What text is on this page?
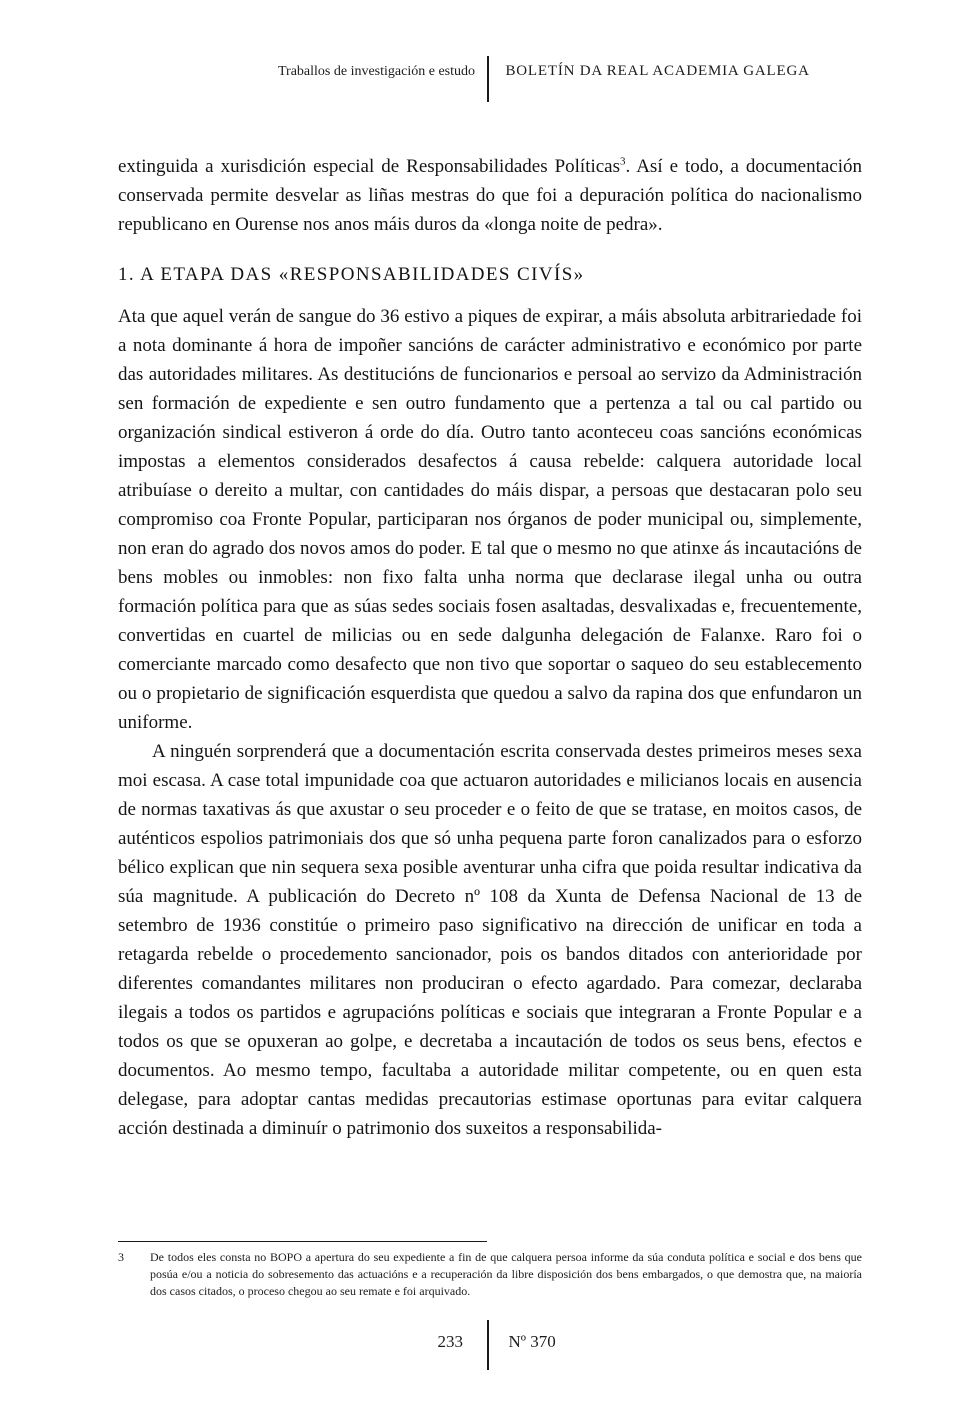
Traballos de investigación e estudo	BOLETÍN DA REAL ACADEMIA GALEGA

extinguida a xurisdición especial de Responsabilidades Políticas$^3$. Así e todo, a documentación conservada permite desvelar as liñas mestras do que foi a depuración política do nacionalismo republicano en Ourense nos anos máis duros da «longa noite de pedra».

1. A ETAPA DAS «RESPONSABILIDADES CIVÍS»

Ata que aquel verán de sangue do 36 estivo a piques de expirar, a máis absoluta arbitrariedade foi a nota dominante á hora de impoñer sancións de carácter administrativo e económico por parte das autoridades militares. As destitucións de funcionarios e persoal ao servizo da Administración sen formación de expediente e sen outro fundamento que a pertenza a tal ou cal partido ou organización sindical estiveron á orde do día. Outro tanto aconteceu coas sancións económicas impostas a elementos considerados desafectos á causa rebelde: calquera autoridade local atribuíase o dereito a multar, con cantidades do máis dispar, a persoas que destacaran polo seu compromiso coa Fronte Popular, participaran nos órganos de poder municipal ou, simplemente, non eran do agrado dos novos amos do poder. E tal que o mesmo no que atinxe ás incautacións de bens mobles ou inmobles: non fixo falta unha norma que declarase ilegal unha ou outra formación política para que as súas sedes sociais fosen asaltadas, desvalixadas e, frecuentemente, convertidas en cuartel de milicias ou en sede dalgunha delegación de Falanxe. Raro foi o comerciante marcado como desafecto que non tivo que soportar o saqueo do seu establecemento ou o propietario de significación esquerdista que quedou a salvo da rapina dos que enfundaron un uniforme.

A ninguén sorprenderá que a documentación escrita conservada destes primeiros meses sexa moi escasa. A case total impunidade coa que actuaron autoridades e milicianos locais en ausencia de normas taxativas ás que axustar o seu proceder e o feito de que se tratase, en moitos casos, de auténticos espolios patrimoniais dos que só unha pequena parte foron canalizados para o esforzo bélico explican que nin sequera sexa posible aventurar unha cifra que poida resultar indicativa da súa magnitude. A publicación do Decreto nº 108 da Xunta de Defensa Nacional de 13 de setembro de 1936 constitúe o primeiro paso significativo na dirección de unificar en toda a retagarda rebelde o procedemento sancionador, pois os bandos ditados con anterioridade por diferentes comandantes militares non produciran o efecto agardado. Para comezar, declaraba ilegais a todos os partidos e agrupacións políticas e sociais que integraran a Fronte Popular e a todos os que se opuxeran ao golpe, e decretaba a incautación de todos os seus bens, efectos e documentos. Ao mesmo tempo, facultaba a autoridade militar competente, ou en quen esta delegase, para adoptar cantas medidas precautorias estimase oportunas para evitar calquera acción destinada a diminuír o patrimonio dos suxeitos a responsabilida-

3	De todos eles consta no BOPO a apertura do seu expediente a fin de que calquera persoa informe da súa conduta política e social e dos bens que posúa e/ou a noticia do sobresemento das actuacións e a recuperación da libre disposición dos bens embargados, o que demostra que, na maioría dos casos citados, o proceso chegou ao seu remate e foi arquivado.
233	Nº 370
